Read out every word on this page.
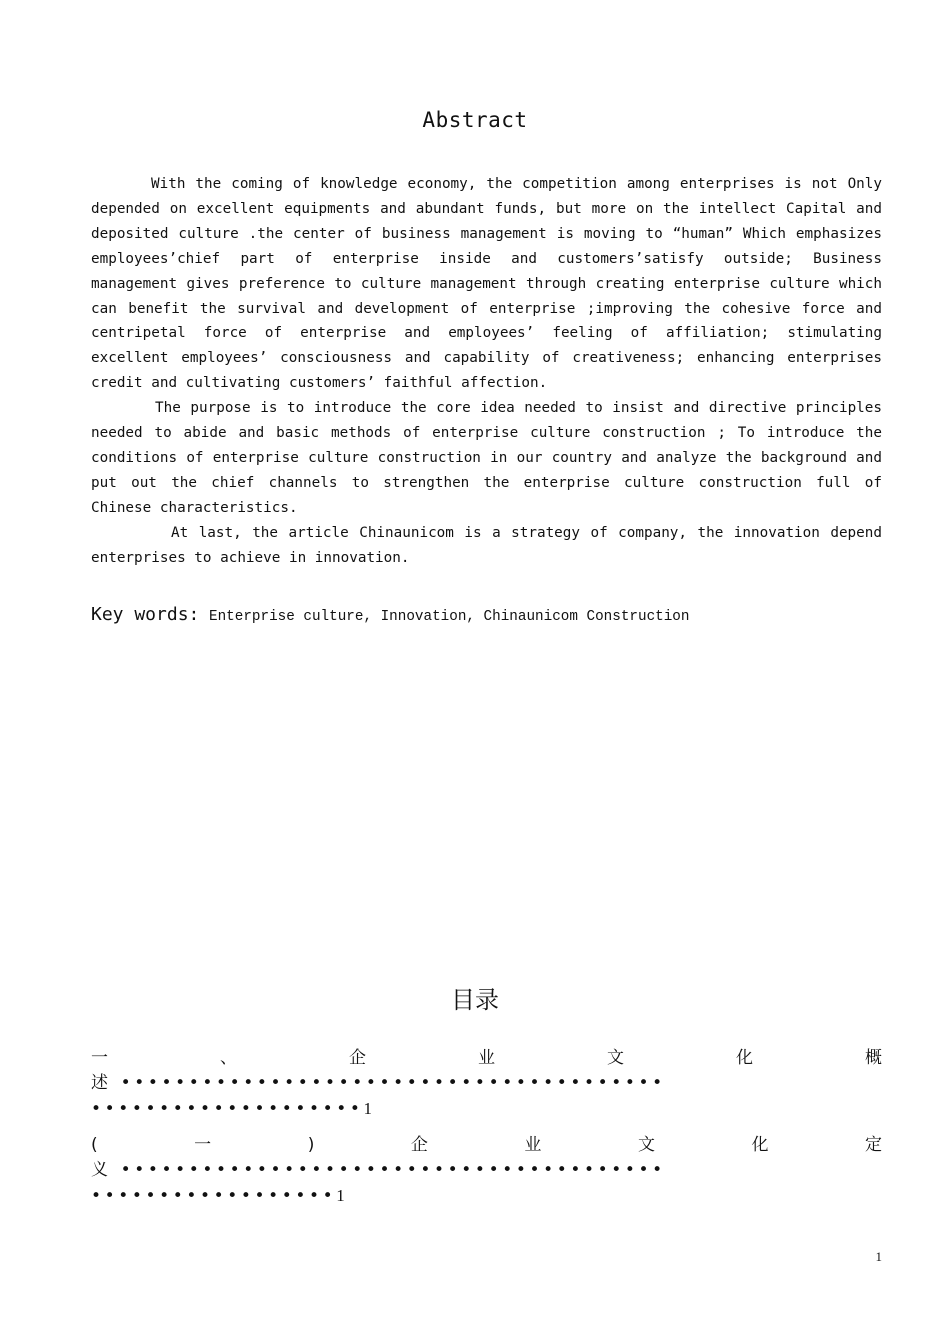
Abstract

With the coming of knowledge economy, the competition among enterprises is not Only depended on excellent equipments and abundant funds, but more on the intellect Capital and deposited culture .the center of business management is moving to “human” Which emphasizes employees’chief part of enterprise inside and customers’satisfy outside; Business management gives preference to culture management through creating enterprise culture which can benefit the survival and development of enterprise ;improving the cohesive force and centripetal force of enterprise and employees’ feeling of affiliation; stimulating excellent employees’ consciousness and capability of creativeness; enhancing enterprises credit and cultivating customers’ faithful affection.

The purpose is to introduce the core idea needed to insist and directive principles needed to abide and basic methods of enterprise culture construction ; To introduce the conditions of enterprise culture construction in our country and analyze the background and put out the chief channels to strengthen the enterprise culture construction full of Chinese characteristics.

At last, the article Chinaunicom is a strategy of company, the innovation depend enterprises to achieve in innovation.

Key words: Enterprise culture, Innovation, Chinaunicom Construction
目录
一	、	企	业	文	化	概
述 ••••••••••••••••••••••••••••••••••••••••
••••••••••••••••••••1
(	一	)	企	业	文	化	定
义 ••••••••••••••••••••••••••••••••••••••••
••••••••••••••••••1
1
